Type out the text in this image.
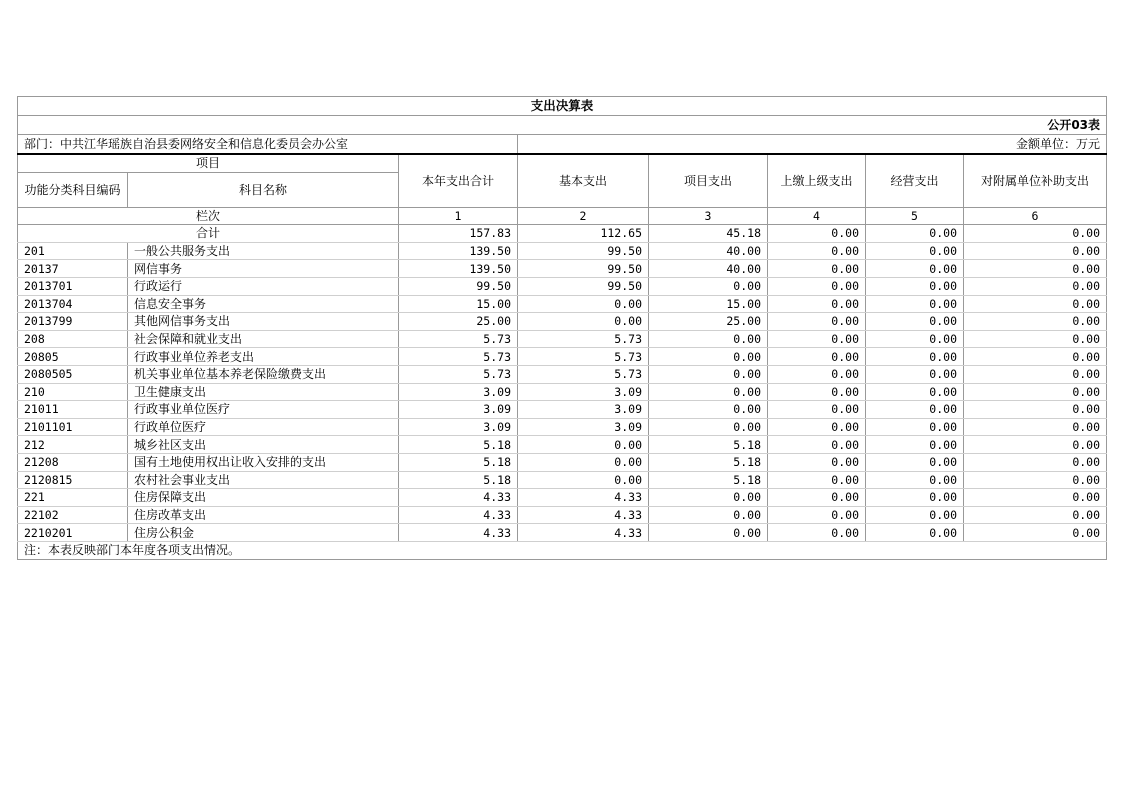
支出决算表							
公开03表							
部门：中共江华瑶族自治县委网络安全和信息化委员会办公室			金额单位：万元				
项目		本年支出合计	基本支出	项目支出	上缴上级支出	经营支出	对附属单位补助支出
功能分类科目编码	科目名称						
栏次		1	2	3	4	5	6
合计		157.83	112.65	45.18	0.00	0.00	0.00
201	一般公共服务支出	139.50	99.50	40.00	0.00	0.00	0.00
20137	网信事务	139.50	99.50	40.00	0.00	0.00	0.00
2013701	行政运行	99.50	99.50	0.00	0.00	0.00	0.00
2013704	信息安全事务	15.00	0.00	15.00	0.00	0.00	0.00
2013799	其他网信事务支出	25.00	0.00	25.00	0.00	0.00	0.00
208	社会保障和就业支出	5.73	5.73	0.00	0.00	0.00	0.00
20805	行政事业单位养老支出	5.73	5.73	0.00	0.00	0.00	0.00
2080505	机关事业单位基本养老保险缴费支出	5.73	5.73	0.00	0.00	0.00	0.00
210	卫生健康支出	3.09	3.09	0.00	0.00	0.00	0.00
21011	行政事业单位医疗	3.09	3.09	0.00	0.00	0.00	0.00
2101101	行政单位医疗	3.09	3.09	0.00	0.00	0.00	0.00
212	城乡社区支出	5.18	0.00	5.18	0.00	0.00	0.00
21208	国有土地使用权出让收入安排的支出	5.18	0.00	5.18	0.00	0.00	0.00
2120815	农村社会事业支出	5.18	0.00	5.18	0.00	0.00	0.00
221	住房保障支出	4.33	4.33	0.00	0.00	0.00	0.00
22102	住房改革支出	4.33	4.33	0.00	0.00	0.00	0.00
2210201	住房公积金	4.33	4.33	0.00	0.00	0.00	0.00
注：本表反映部门本年度各项支出情况。							
